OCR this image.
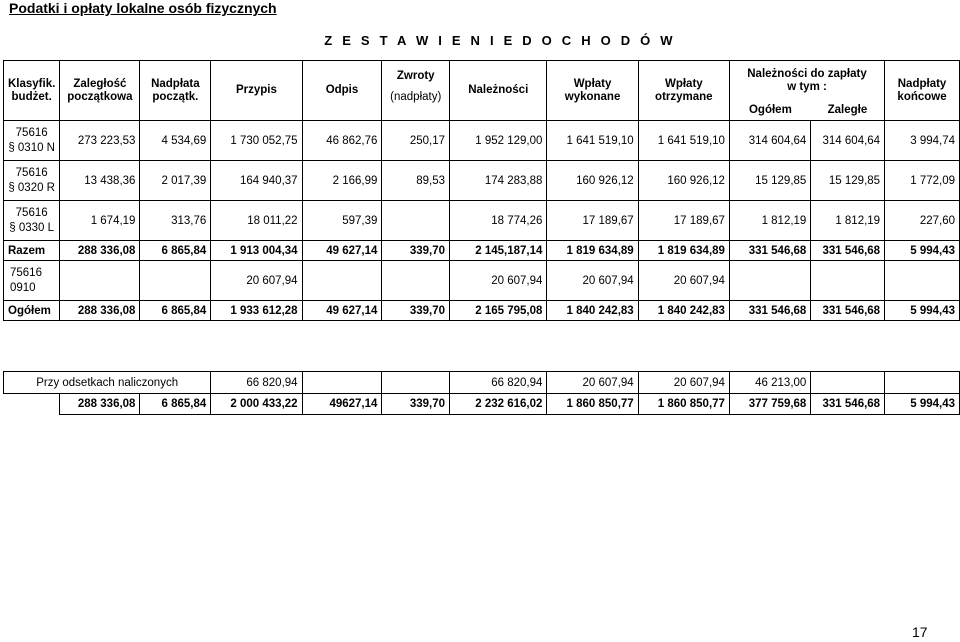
Podatki i opłaty lokalne osób fizycznych
Z E S T A W I E N I E D O C H O D Ó W
Klasyfik.
budżet.	Zaległość
początkowa	Nadpłata
początk.	Przypis	Odpis	Zwroty
(nadpłaty)	Należności	Wpłaty
wykonane	Wpłaty
otrzymane	Należności do zapłaty
w tym :		Nadpłaty
końcowe
									Ogółem	Zaległe	
75616
§ 0310 N	273 223,53	4 534,69	1 730 052,75	46 862,76	250,17	1 952 129,00	1 641 519,10	1 641 519,10	314 604,64	314 604,64	3 994,74
75616
§ 0320 R	13 438,36	2 017,39	164 940,37	2 166,99	89,53	174 283,88	160 926,12	160 926,12	15 129,85	15 129,85	1 772,09
75616
§ 0330 L	1 674,19	313,76	18 011,22	597,39		18 774,26	17 189,67	17 189,67	1 812,19	1 812,19	227,60
Razem	288 336,08	6 865,84	1 913 004,34	49 627,14	339,70	2 145,187,14	1 819 634,89	1 819 634,89	331 546,68	331 546,68	5 994,43
75616
0910			20 607,94			20 607,94	20 607,94	20 607,94			
Ogółem	288 336,08	6 865,84	1 933 612,28	49 627,14	339,70	2 165 795,08	1 840 242,83	1 840 242,83	331 546,68	331 546,68	5 994,43

Przy odsetkach naliczonych			66 820,94			66 820,94	20 607,94	20 607,94	46 213,00		
	288 336,08	6 865,84	2 000 433,22	49627,14	339,70	2 232 616,02	1 860 850,77	1 860 850,77	377 759,68	331 546,68	5 994,43
17
